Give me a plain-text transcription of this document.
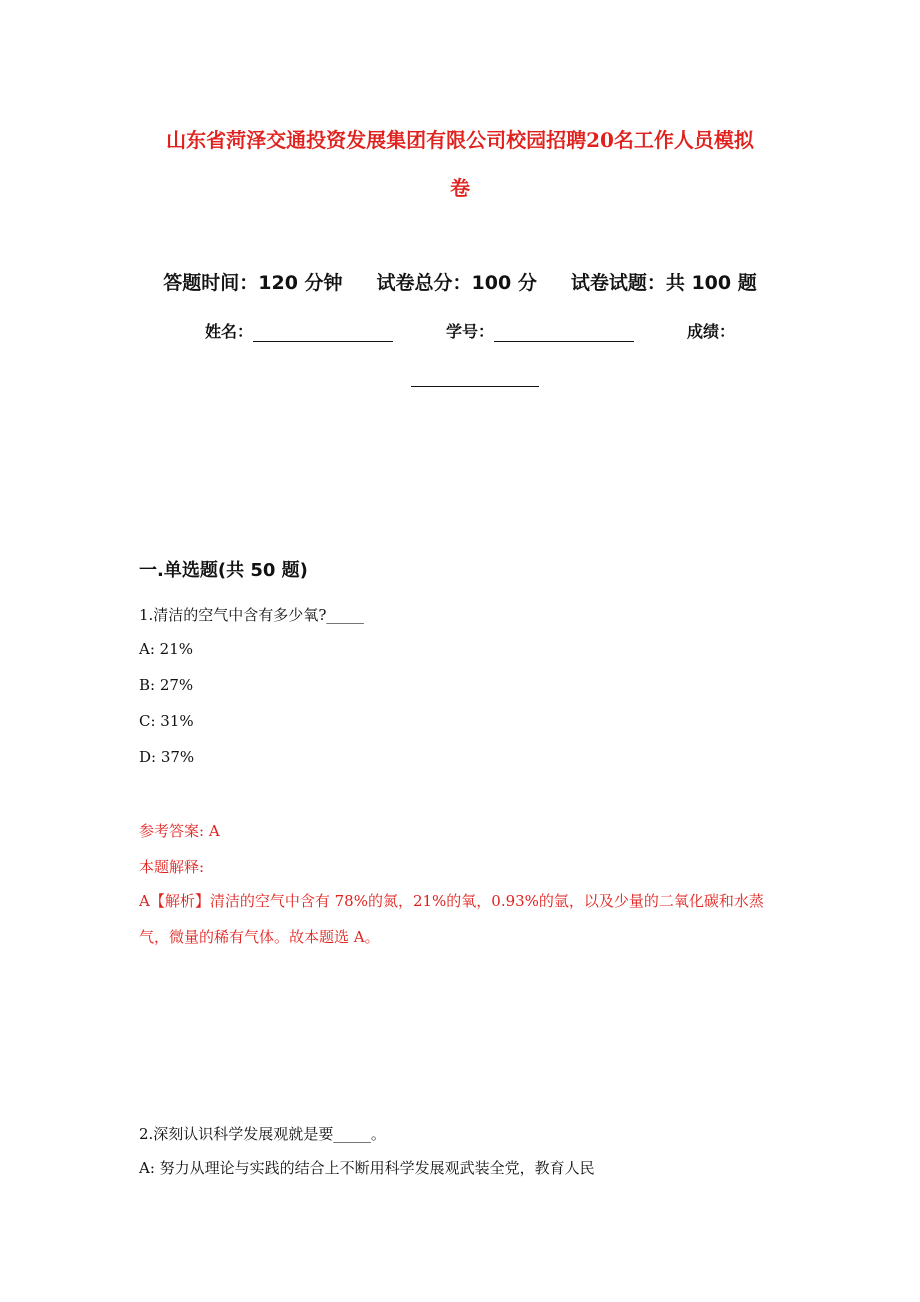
山东省菏泽交通投资发展集团有限公司校园招聘20名工作人员模拟
卷
答题时间：120 分钟 试卷总分：100 分 试卷试题：共 100 题
姓名：	学号：	成绩：
一.单选题(共 50 题)
1.清洁的空气中含有多少氧?_____
A: 21%
B: 27%
C: 31%
D: 37%
参考答案: A
本题解释:
A【解析】清洁的空气中含有 78%的氮，21%的氧，0.93%的氩，以及少量的二氧化碳和水蒸气，微量的稀有气体。故本题选 A。
2.深刻认识科学发展观就是要_____。
A: 努力从理论与实践的结合上不断用科学发展观武装全党，教育人民
